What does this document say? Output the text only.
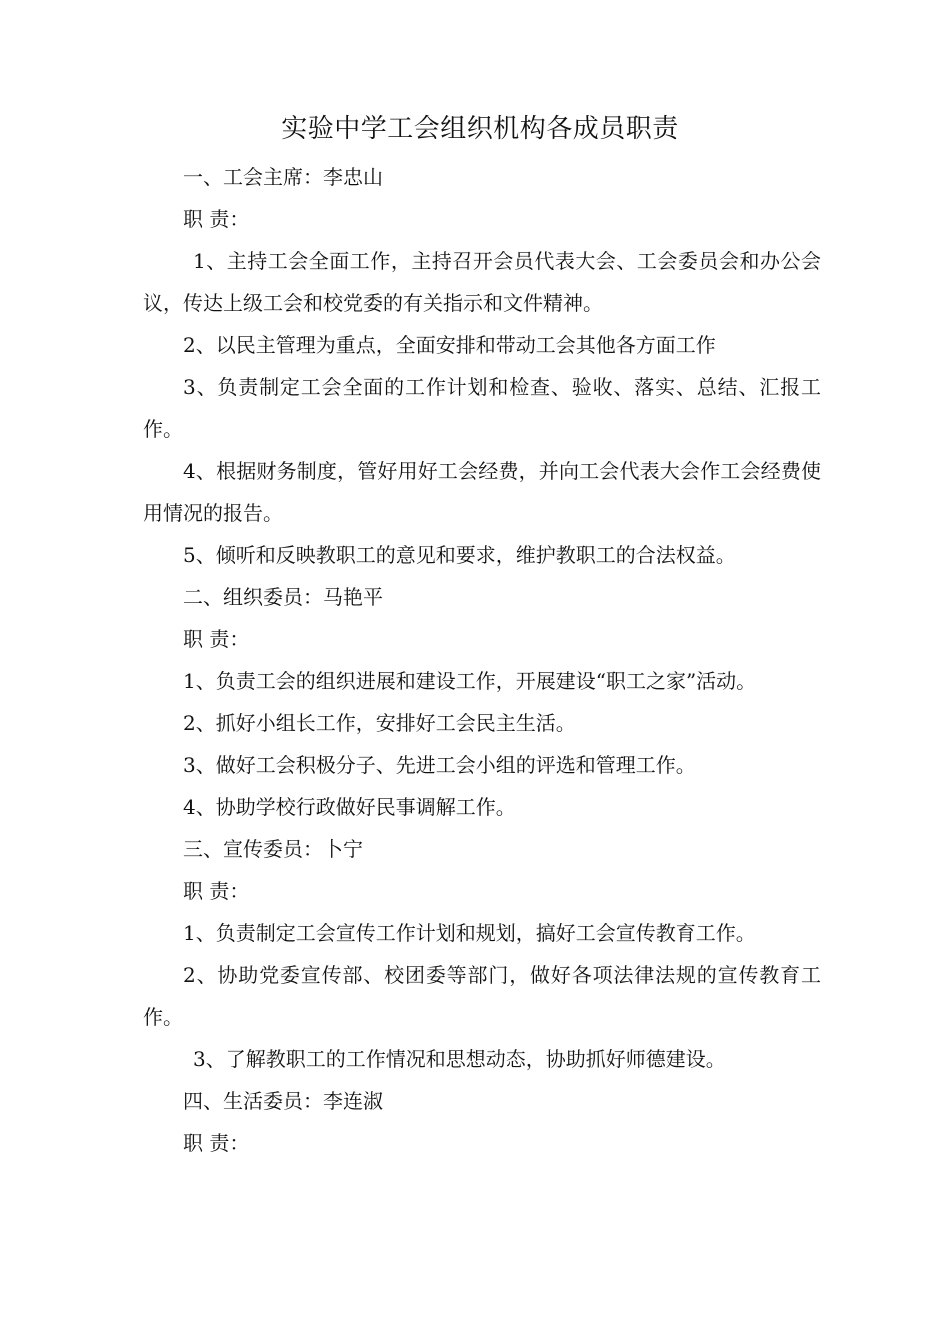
实验中学工会组织机构各成员职责

一、工会主席：李忠山

职 责：

1、主持工会全面工作，主持召开会员代表大会、工会委员会和办公会议，传达上级工会和校党委的有关指示和文件精神。

2、以民主管理为重点，全面安排和带动工会其他各方面工作

3、负责制定工会全面的工作计划和检查、验收、落实、总结、汇报工作。

4、根据财务制度，管好用好工会经费，并向工会代表大会作工会经费使用情况的报告。

5、倾听和反映教职工的意见和要求，维护教职工的合法权益。

二、组织委员：马艳平

职 责：

1、负责工会的组织进展和建设工作，开展建设“职工之家”活动。

2、抓好小组长工作，安排好工会民主生活。

3、做好工会积极分子、先进工会小组的评选和管理工作。

4、协助学校行政做好民事调解工作。

三、宣传委员：卜宁

职 责：

1、负责制定工会宣传工作计划和规划，搞好工会宣传教育工作。

2、协助党委宣传部、校团委等部门，做好各项法律法规的宣传教育工作。

3、了解教职工的工作情况和思想动态，协助抓好师德建设。

四、生活委员：李连淑

职 责：
